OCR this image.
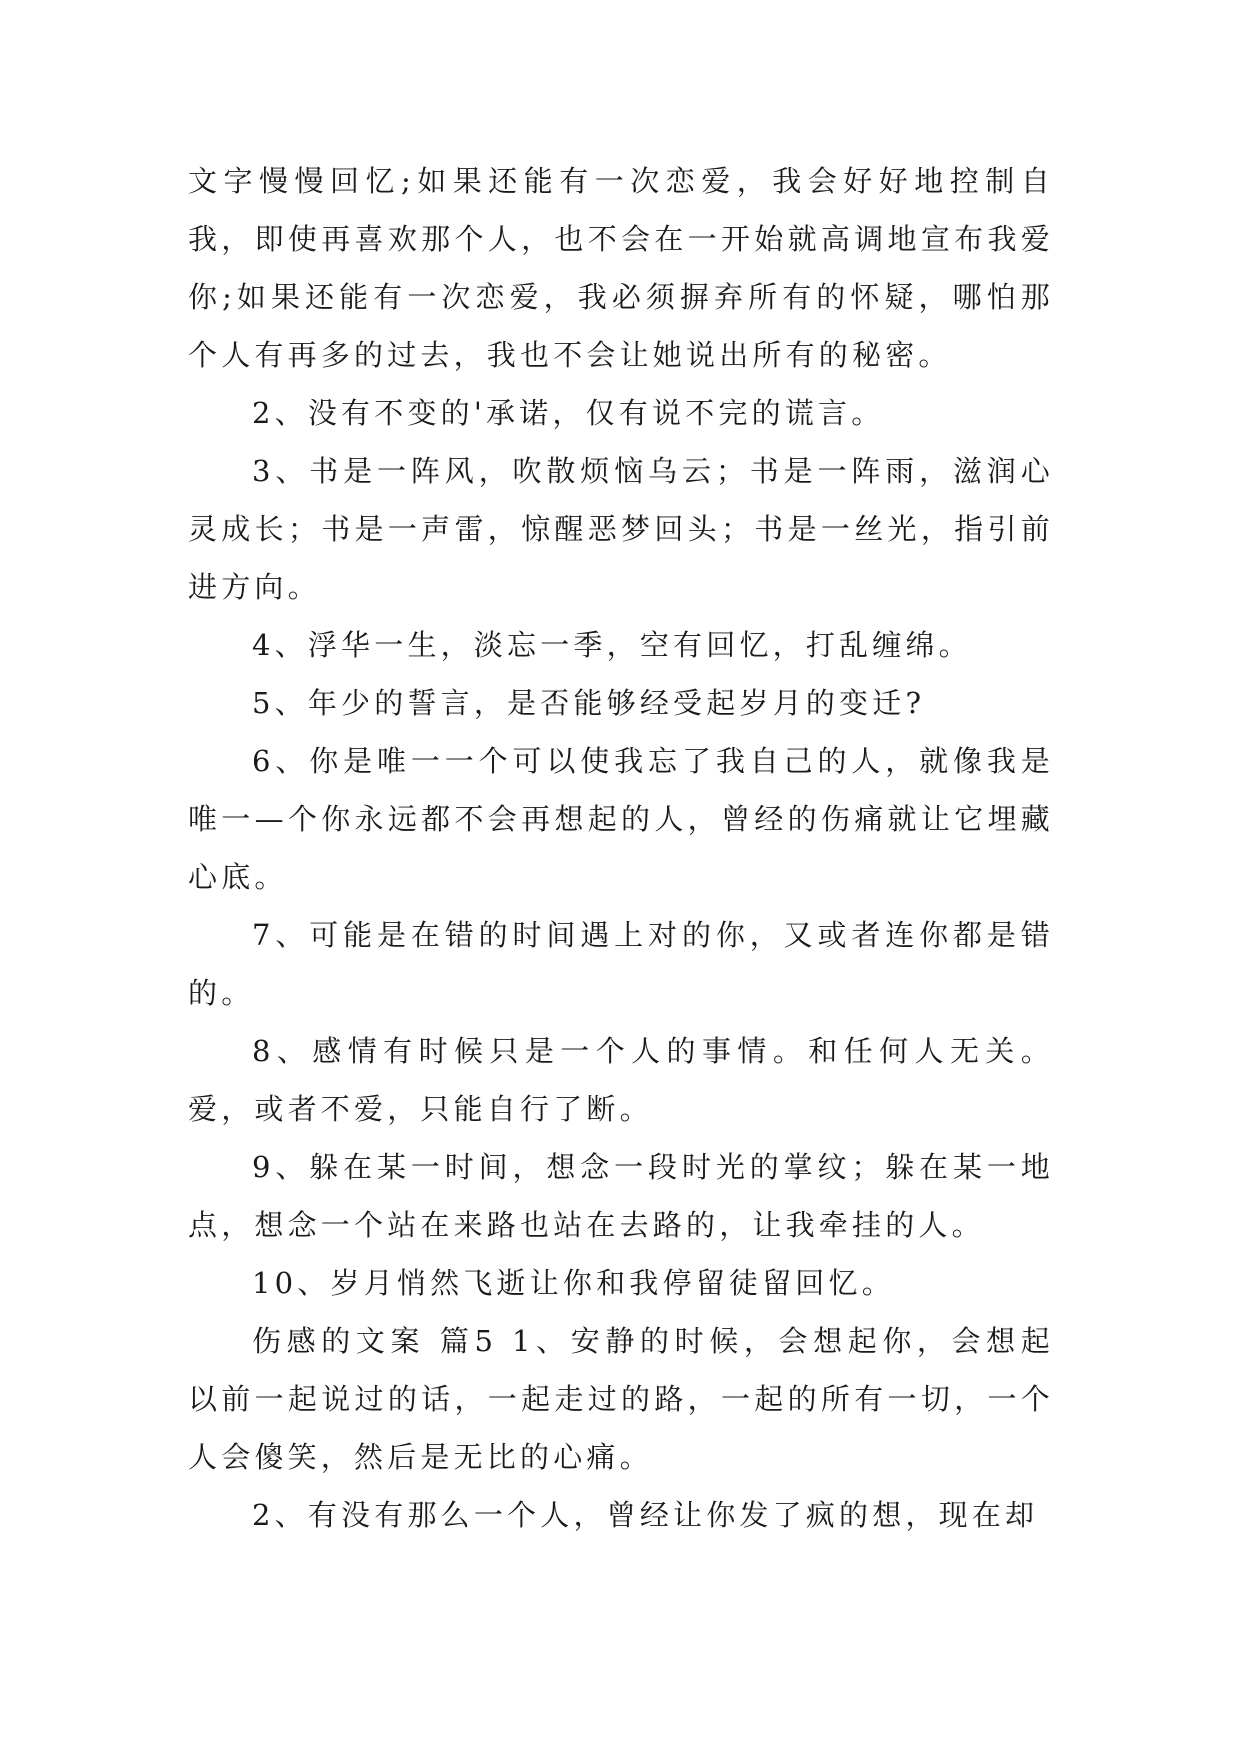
文字慢慢回忆;如果还能有一次恋爱，我会好好地控制自我，即使再喜欢那个人，也不会在一开始就高调地宣布我爱你;如果还能有一次恋爱，我必须摒弃所有的怀疑，哪怕那个人有再多的过去，我也不会让她说出所有的秘密。

2、没有不变的'承诺，仅有说不完的谎言。

3、书是一阵风，吹散烦恼乌云；书是一阵雨，滋润心灵成长；书是一声雷，惊醒恶梦回头；书是一丝光，指引前进方向。

4、浮华一生，淡忘一季，空有回忆，打乱缠绵。

5、年少的誓言，是否能够经受起岁月的变迁?

6、你是唯一一个可以使我忘了我自己的人，就像我是唯一—个你永远都不会再想起的人，曾经的伤痛就让它埋藏心底。

7、可能是在错的时间遇上对的你，又或者连你都是错的。

8、感情有时候只是一个人的事情。和任何人无关。爱，或者不爱，只能自行了断。

9、躲在某一时间，想念一段时光的掌纹；躲在某一地点，想念一个站在来路也站在去路的，让我牵挂的人。

10、岁月悄然飞逝让你和我停留徒留回忆。

伤感的文案 篇5 1、安静的时候，会想起你，会想起以前一起说过的话，一起走过的路，一起的所有一切，一个人会傻笑，然后是无比的心痛。

2、有没有那么一个人，曾经让你发了疯的想，现在却
